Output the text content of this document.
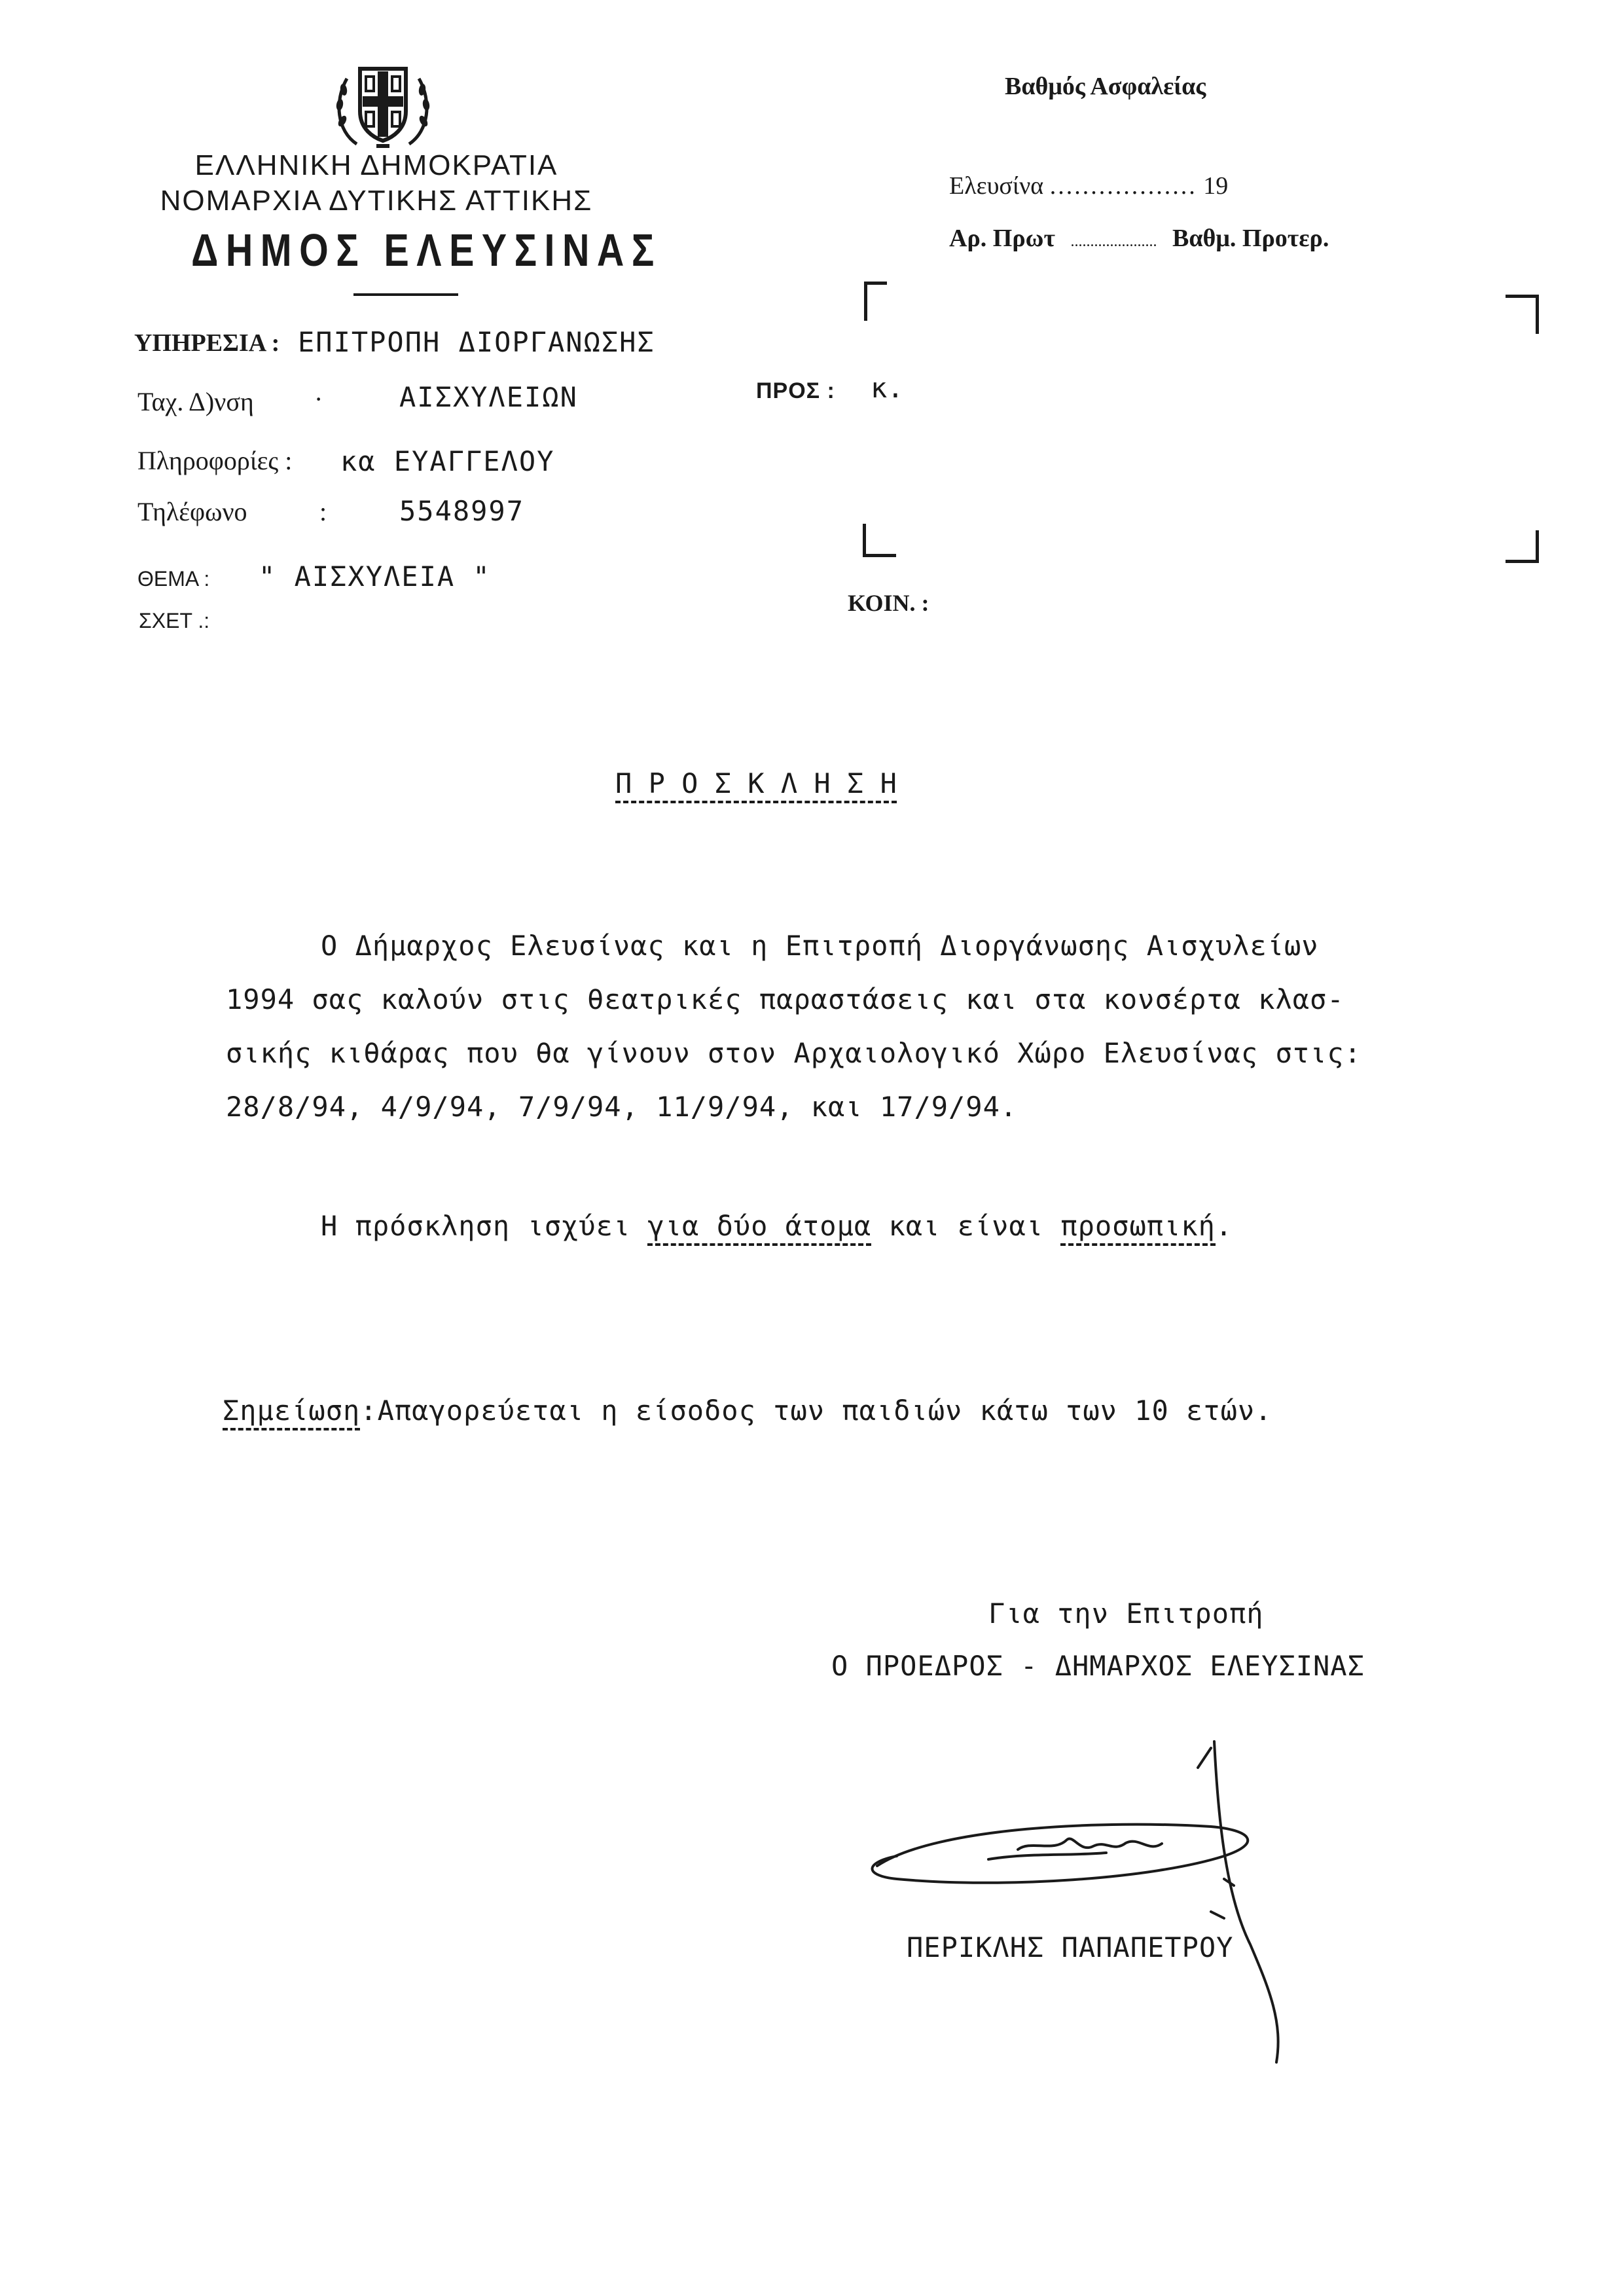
ΕΛΛΗΝΙΚΗ ΔΗΜΟΚΡΑΤΙΑ
ΝΟΜΑΡΧΙΑ ΔΥΤΙΚΗΣ ΑΤΤΙΚΗΣ
ΔΗΜΟΣ ΕΛΕΥΣΙΝΑΣ
ΥΠΗΡΕΣΙΑ : ΕΠΙΤΡΟΠΗ ΔΙΟΡΓΑΝΩΣΗΣ
Ταχ. Δ)νση ·	ΑΙΣΧΥΛΕΙΩΝ
Πληροφορίες : κα ΕΥΑΓΓΕΛΟΥ
Τηλέφωνο	:	5548997
ΘΕΜΑ : " ΑΙΣΧΥΛΕΙΑ "
ΣΧΕΤ .:
Βαθμός Ασφαλείας
Ελευσίνα .................. 19
Αρ. Πρωτ ...................... Βαθμ. Προτερ.
ΠΡΟΣ : κ.
ΚΟΙΝ. :
Π Ρ Ο Σ Κ Λ Η Σ Η
Ο Δήμαρχος Ελευσίνας και η Επιτροπή Διοργάνωσης Αισχυλείων
1994 σας καλούν στις θεατρικές παραστάσεις και στα κονσέρτα κλασ-
σικής κιθάρας που θα γίνουν στον Αρχαιολογικό Χώρο Ελευσίνας στις:
28/8/94, 4/9/94, 7/9/94, 11/9/94, και 17/9/94.
Η πρόσκληση ισχύει για δύο άτομα και είναι προσωπική.
Σημείωση:Απαγορεύεται η είσοδος των παιδιών κάτω των 10 ετών.
Για την Επιτροπή
Ο ΠΡΟΕΔΡΟΣ - ΔΗΜΑΡΧΟΣ ΕΛΕΥΣΙΝΑΣ
ΠΕΡΙΚΛΗΣ ΠΑΠΑΠΕΤΡΟΥ
